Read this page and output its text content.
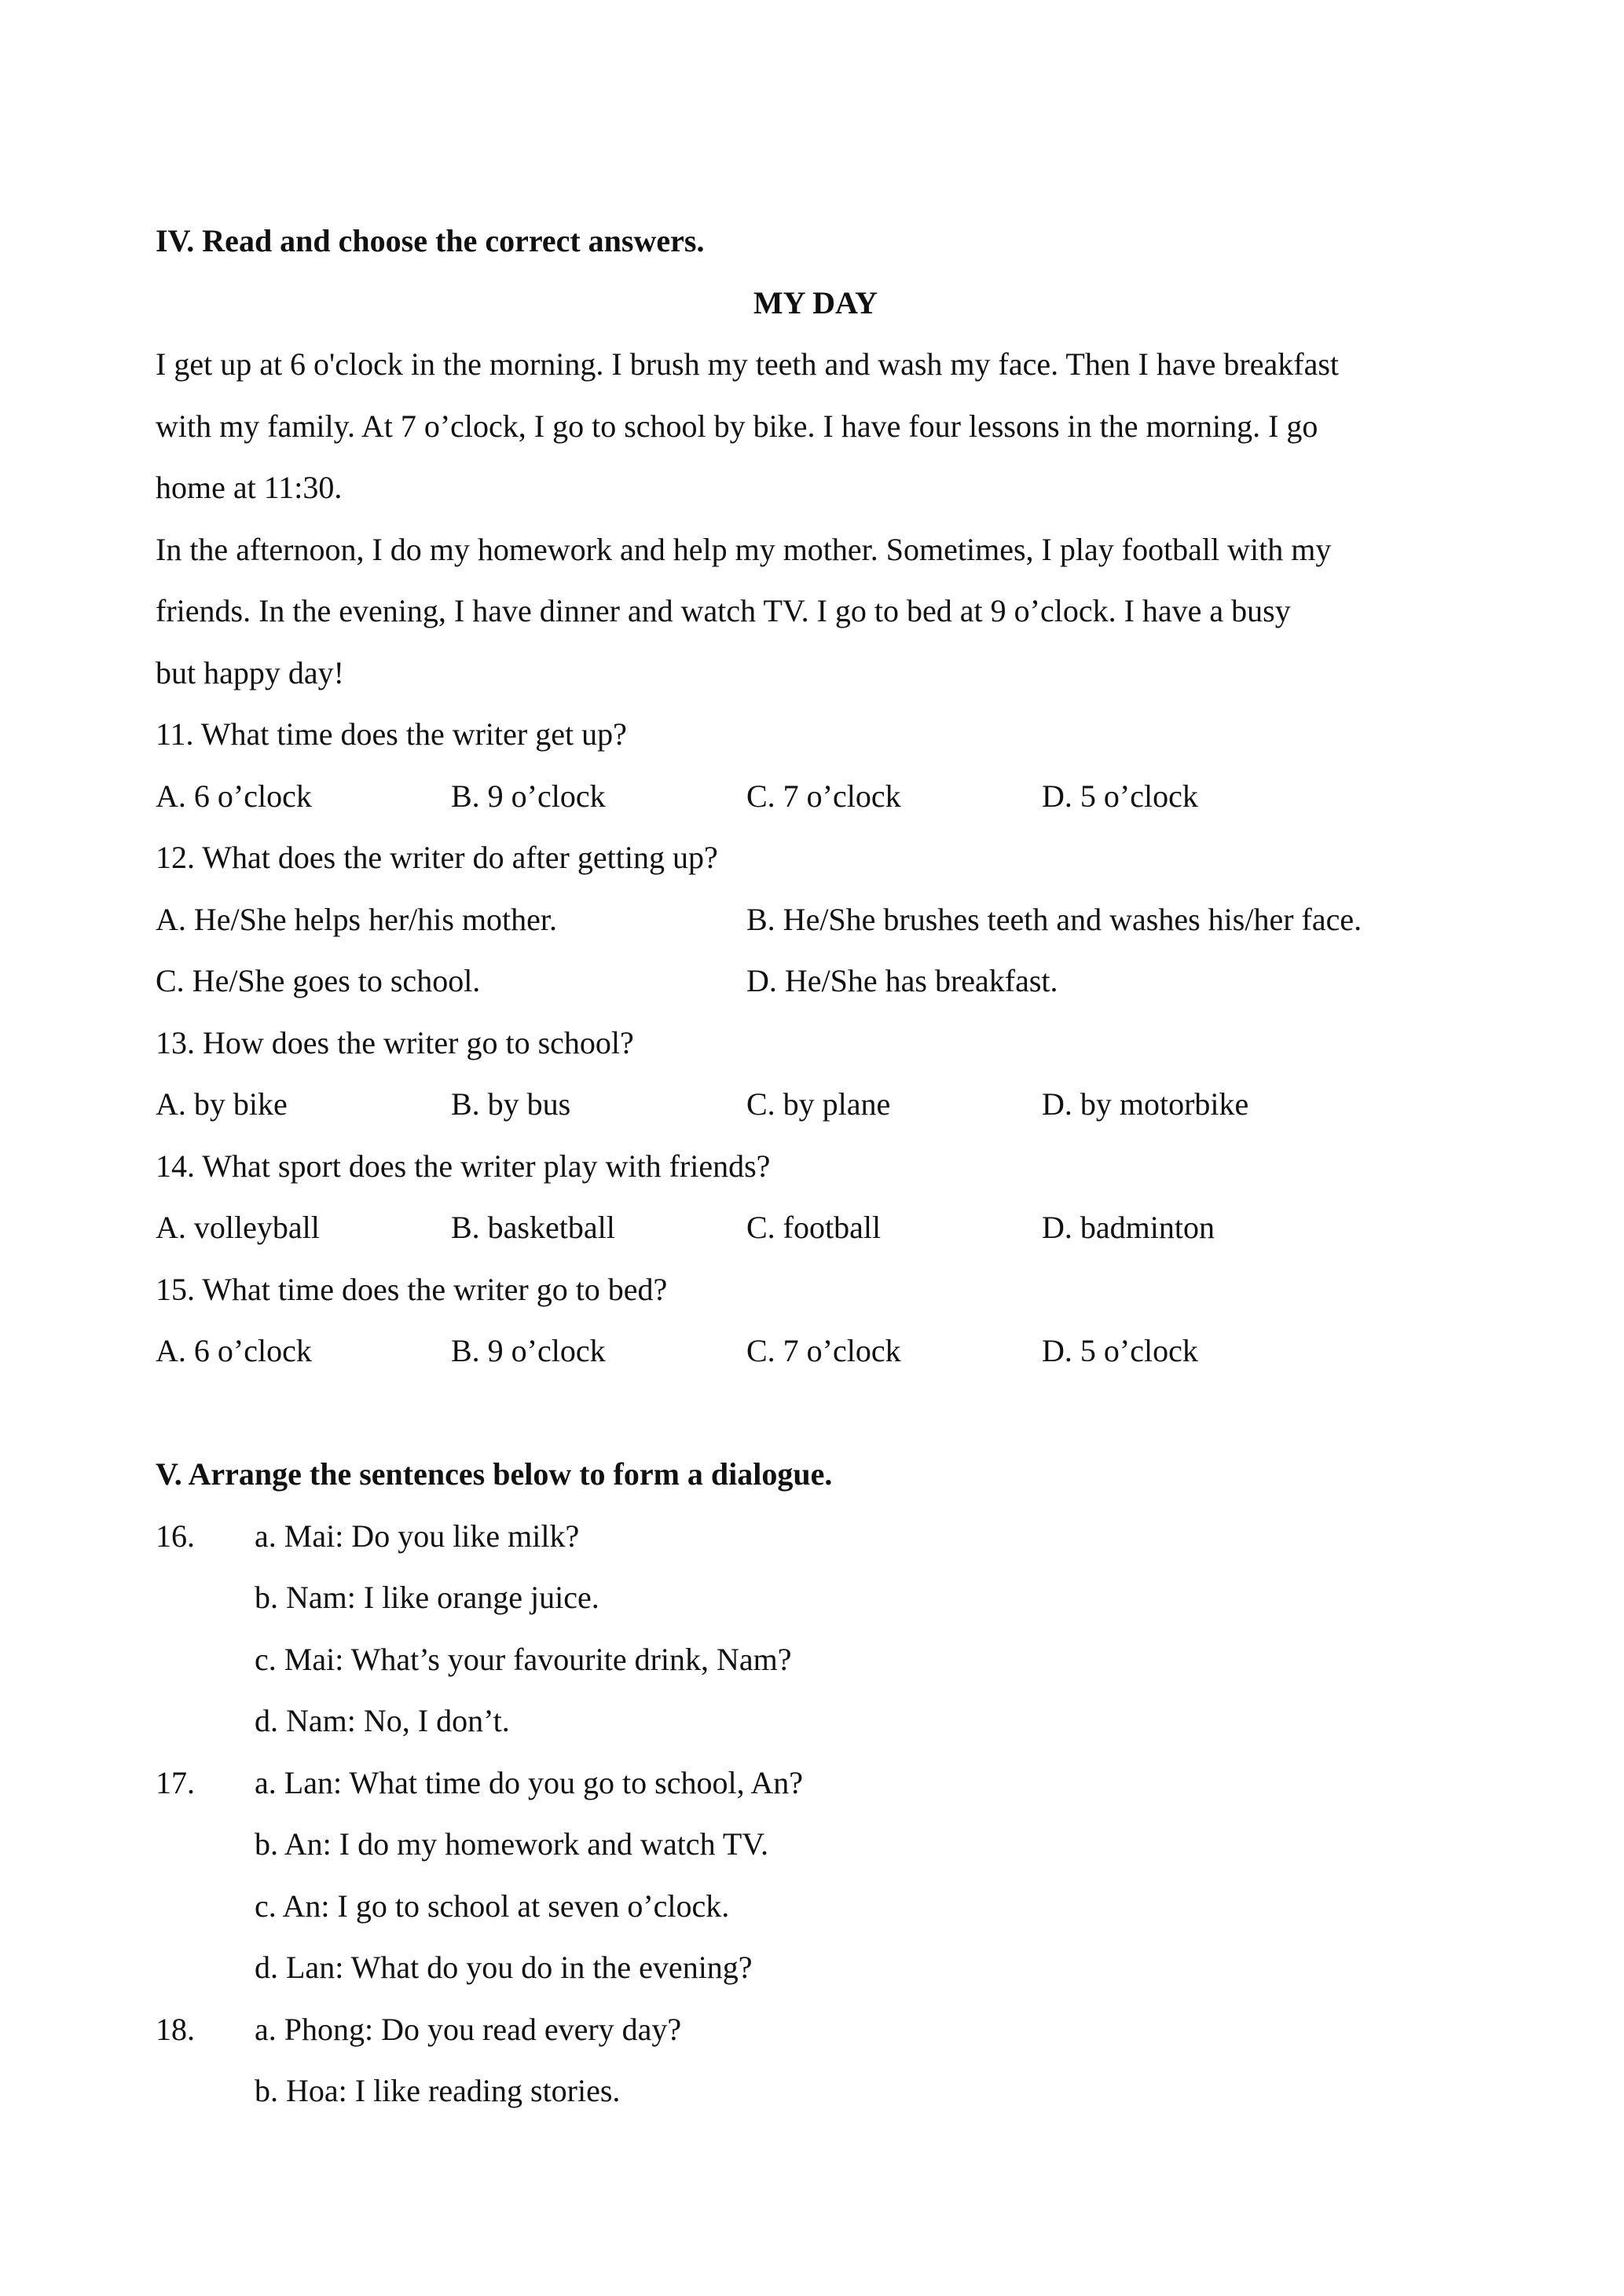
IV. Read and choose the correct answers.
MY DAY
I get up at 6 o'clock in the morning. I brush my teeth and wash my face. Then I have breakfast
with my family. At 7 o’clock, I go to school by bike. I have four lessons in the morning. I go
home at 11:30.
In the afternoon, I do my homework and help my mother. Sometimes, I play football with my
friends. In the evening, I have dinner and watch TV. I go to bed at 9 o’clock. I have a busy
but happy day!
11. What time does the writer get up?
A. 6 o’clock	B. 9 o’clock	C. 7 o’clock	D. 5 o’clock
12. What does the writer do after getting up?
A. He/She helps her/his mother.	B. He/She brushes teeth and washes his/her face.
C. He/She goes to school.	D. He/She has breakfast.
13. How does the writer go to school?
A. by bike	B. by bus	C. by plane	D. by motorbike
14. What sport does the writer play with friends?
A. volleyball	B. basketball	C. football	D. badminton
15. What time does the writer go to bed?
A. 6 o’clock	B. 9 o’clock	C. 7 o’clock	D. 5 o’clock
V. Arrange the sentences below to form a dialogue.
16.	a. Mai: Do you like milk?
b. Nam: I like orange juice.
c. Mai: What’s your favourite drink, Nam?
d. Nam: No, I don’t.
17.	a. Lan: What time do you go to school, An?
b. An: I do my homework and watch TV.
c. An: I go to school at seven o’clock.
d. Lan: What do you do in the evening?
18.	a. Phong: Do you read every day?
b. Hoa: I like reading stories.
